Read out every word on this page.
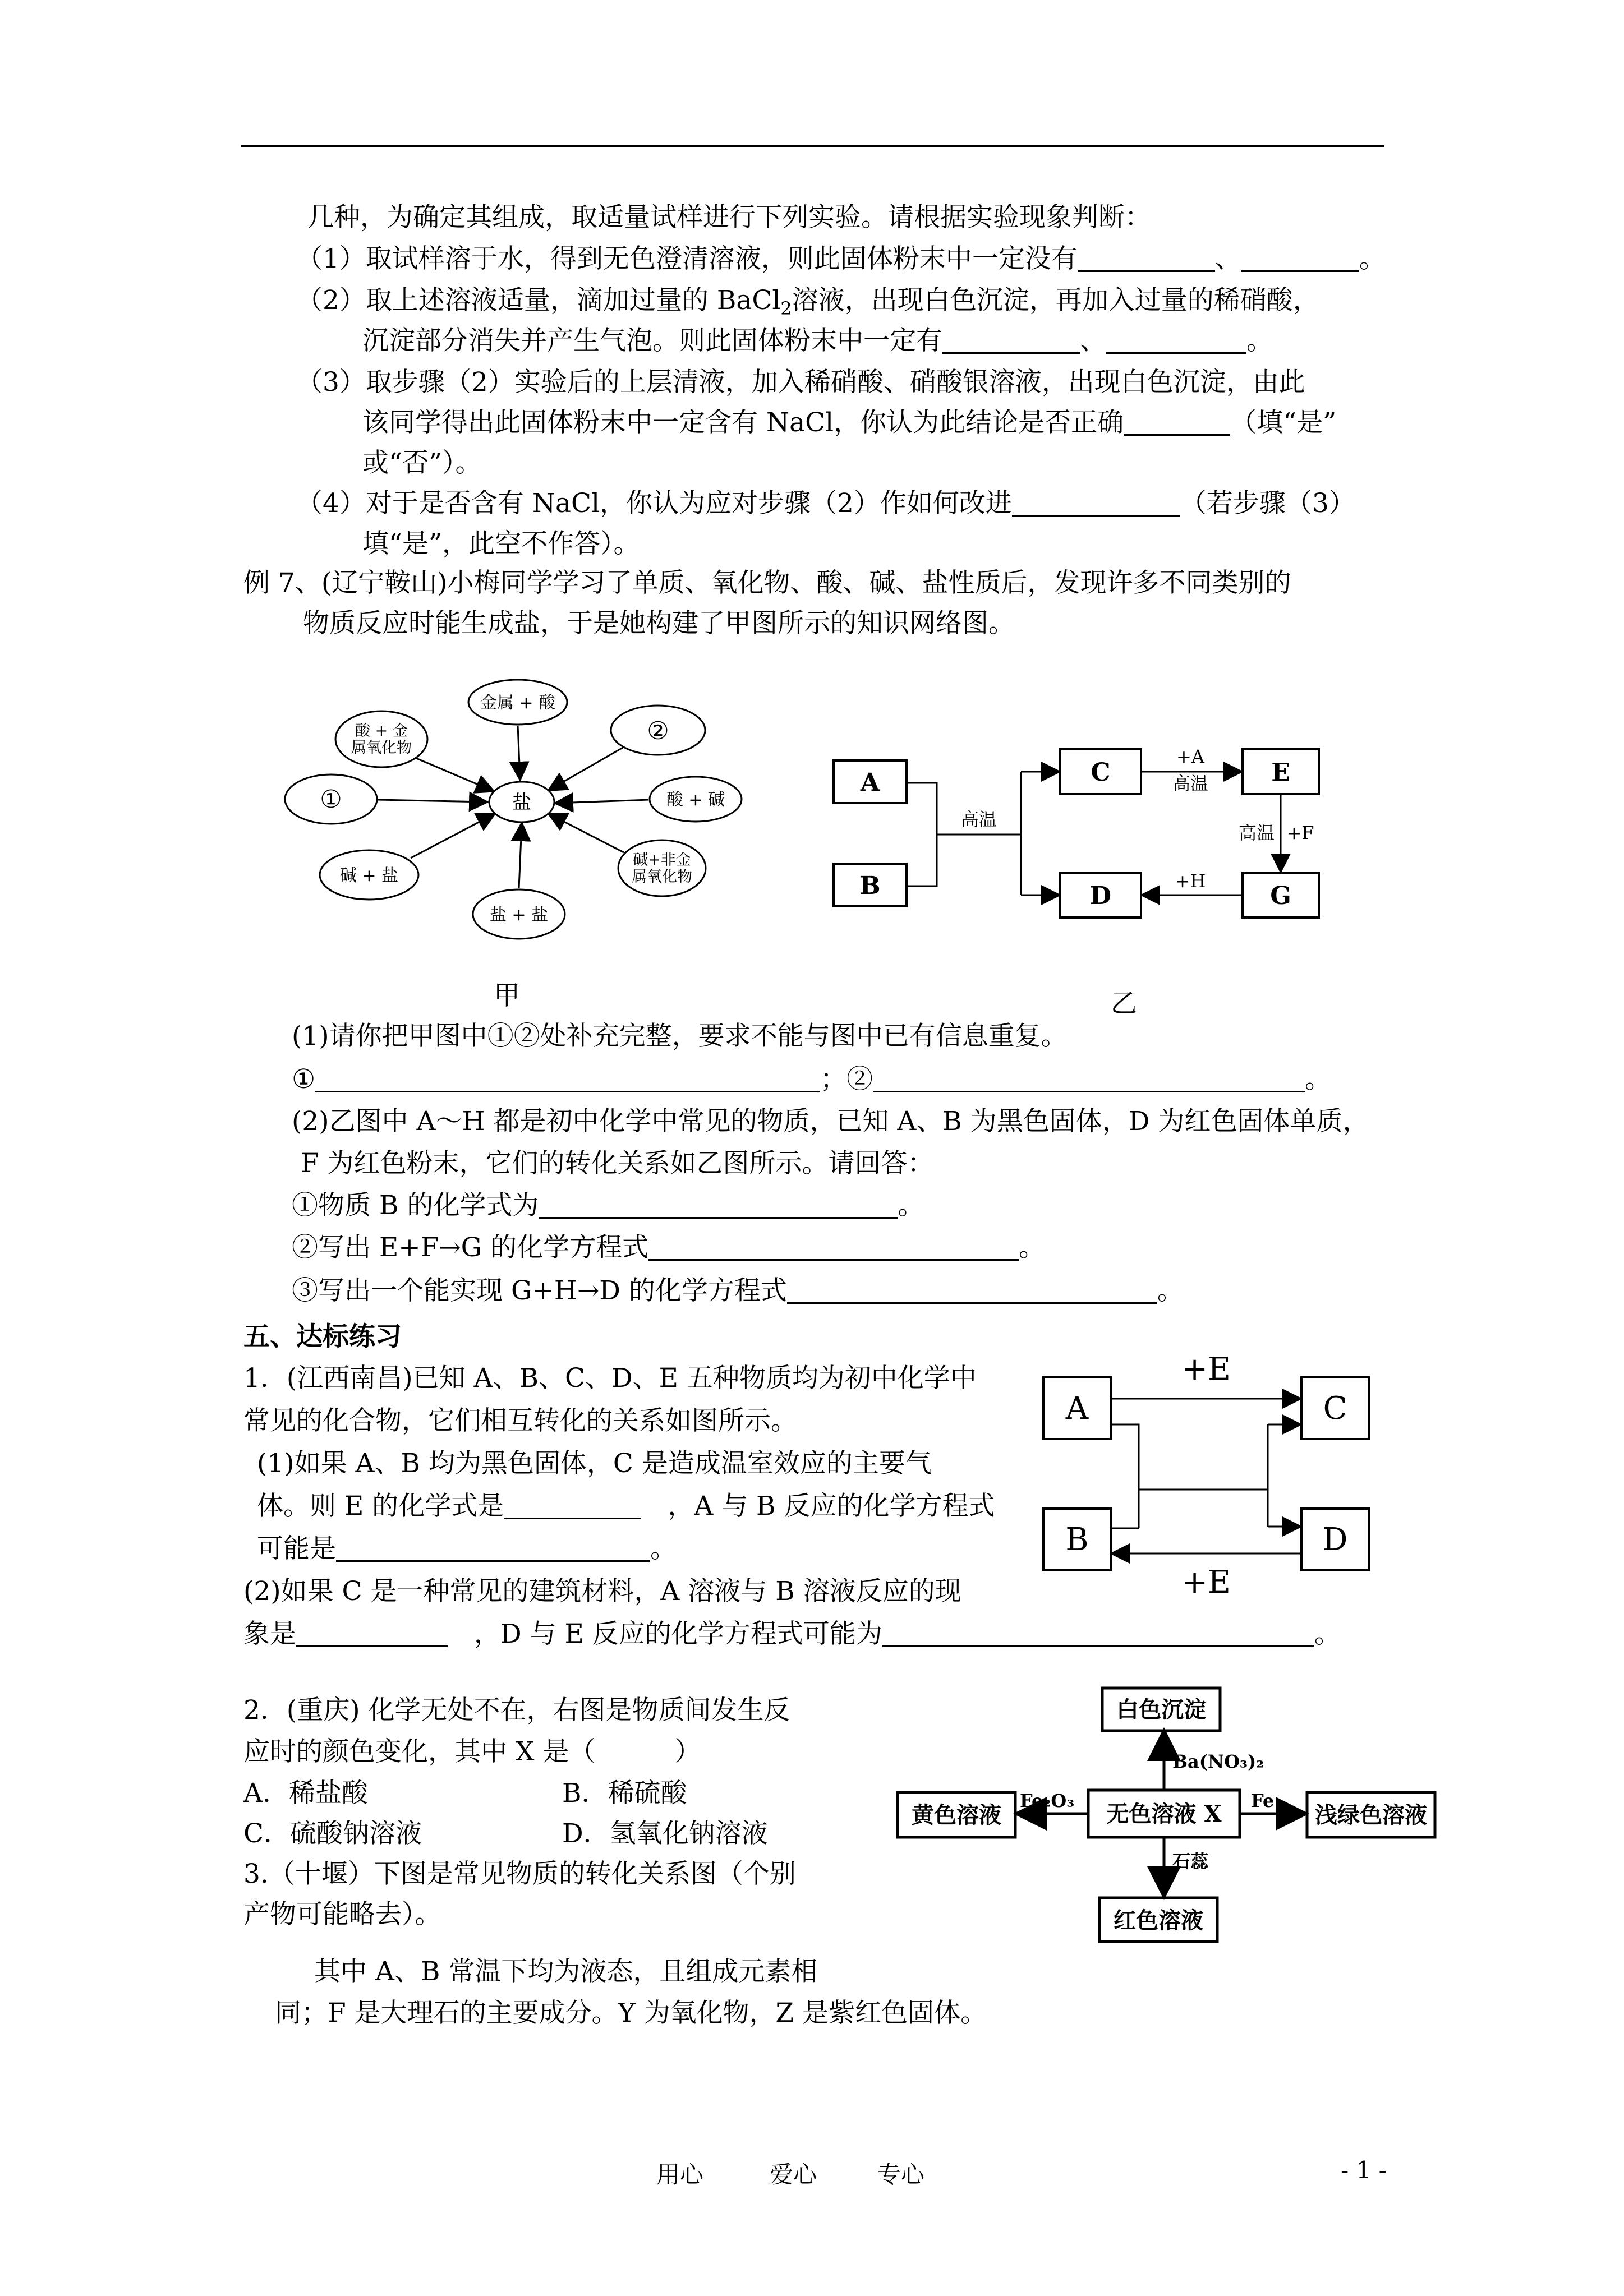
几种，为确定其组成，取适量试样进行下列实验。请根据实验现象判断：
（1）取试样溶于水，得到无色澄清溶液，则此固体粉末中一定没有	、	。
（2）取上述溶液适量，滴加过量的 BaCl$_2$溶液，出现白色沉淀，再加入过量的稀硝酸，
沉淀部分消失并产生气泡。则此固体粉末中一定有	、	。
（3）取步骤（2）实验后的上层清液，加入稀硝酸、硝酸银溶液，出现白色沉淀，由此
该同学得出此固体粉末中一定含有 NaCl，你认为此结论是否正确	（填“是”
或“否”）。
（4）对于是否含有 NaCl，你认为应对步骤（2）作如何改进	（若步骤（3）
填“是”，此空不作答）。
例 7、(辽宁鞍山)小梅同学学习了单质、氧化物、酸、碱、盐性质后，发现许多不同类别的
物质反应时能生成盐，于是她构建了甲图所示的知识网络图。
盐
金属 + 酸
酸 + 金
属氧化物
①
②
酸 + 碱
碱 + 盐
碱+非金
属氧化物
盐 + 盐
A
B
C
D
E
G
高温
+A
高温
高温 +F
+H
甲	乙
(1)请你把甲图中①②处补充完整，要求不能与图中已有信息重复。
①	；②	。
(2)乙图中 A～H 都是初中化学中常见的物质，已知 A、B 为黑色固体，D 为红色固体单质，
F 为红色粉末，它们的转化关系如乙图所示。请回答：
①物质 B 的化学式为	。
②写出 E+F→G 的化学方程式	。
③写出一个能实现 G+H→D 的化学方程式	。
五、达标练习
1．(江西南昌)已知 A、B、C、D、E 五种物质均为初中化学中
常见的化合物，它们相互转化的关系如图所示。
(1)如果 A、B 均为黑色固体，C 是造成温室效应的主要气
体。则 E 的化学式是　	，A 与 B 反应的化学方程式
可能是	。
(2)如果 C 是一种常见的建筑材料，A 溶液与 B 溶液反应的现
象是　	，D 与 E 反应的化学方程式可能为	。
A	C
B	D
+E
+E
2．(重庆) 化学无处不在，右图是物质间发生反
应时的颜色变化，其中 X 是（　　　）
A．稀盐酸	B．稀硫酸
C．硫酸钠溶液	D．氢氧化钠溶液
白色沉淀
无色溶液 X
黄色溶液	浅绿色溶液
红色溶液
Ba(NO₃)₂
Fe₂O₃	Fe
石蕊
3.（十堰）下图是常见物质的转化关系图（个别
产物可能略去）。
其中 A、B 常温下均为液态，且组成元素相
同；F 是大理石的主要成分。Y 为氧化物，Z 是紫红色固体。
用心	爱心	专心	- 1 -
